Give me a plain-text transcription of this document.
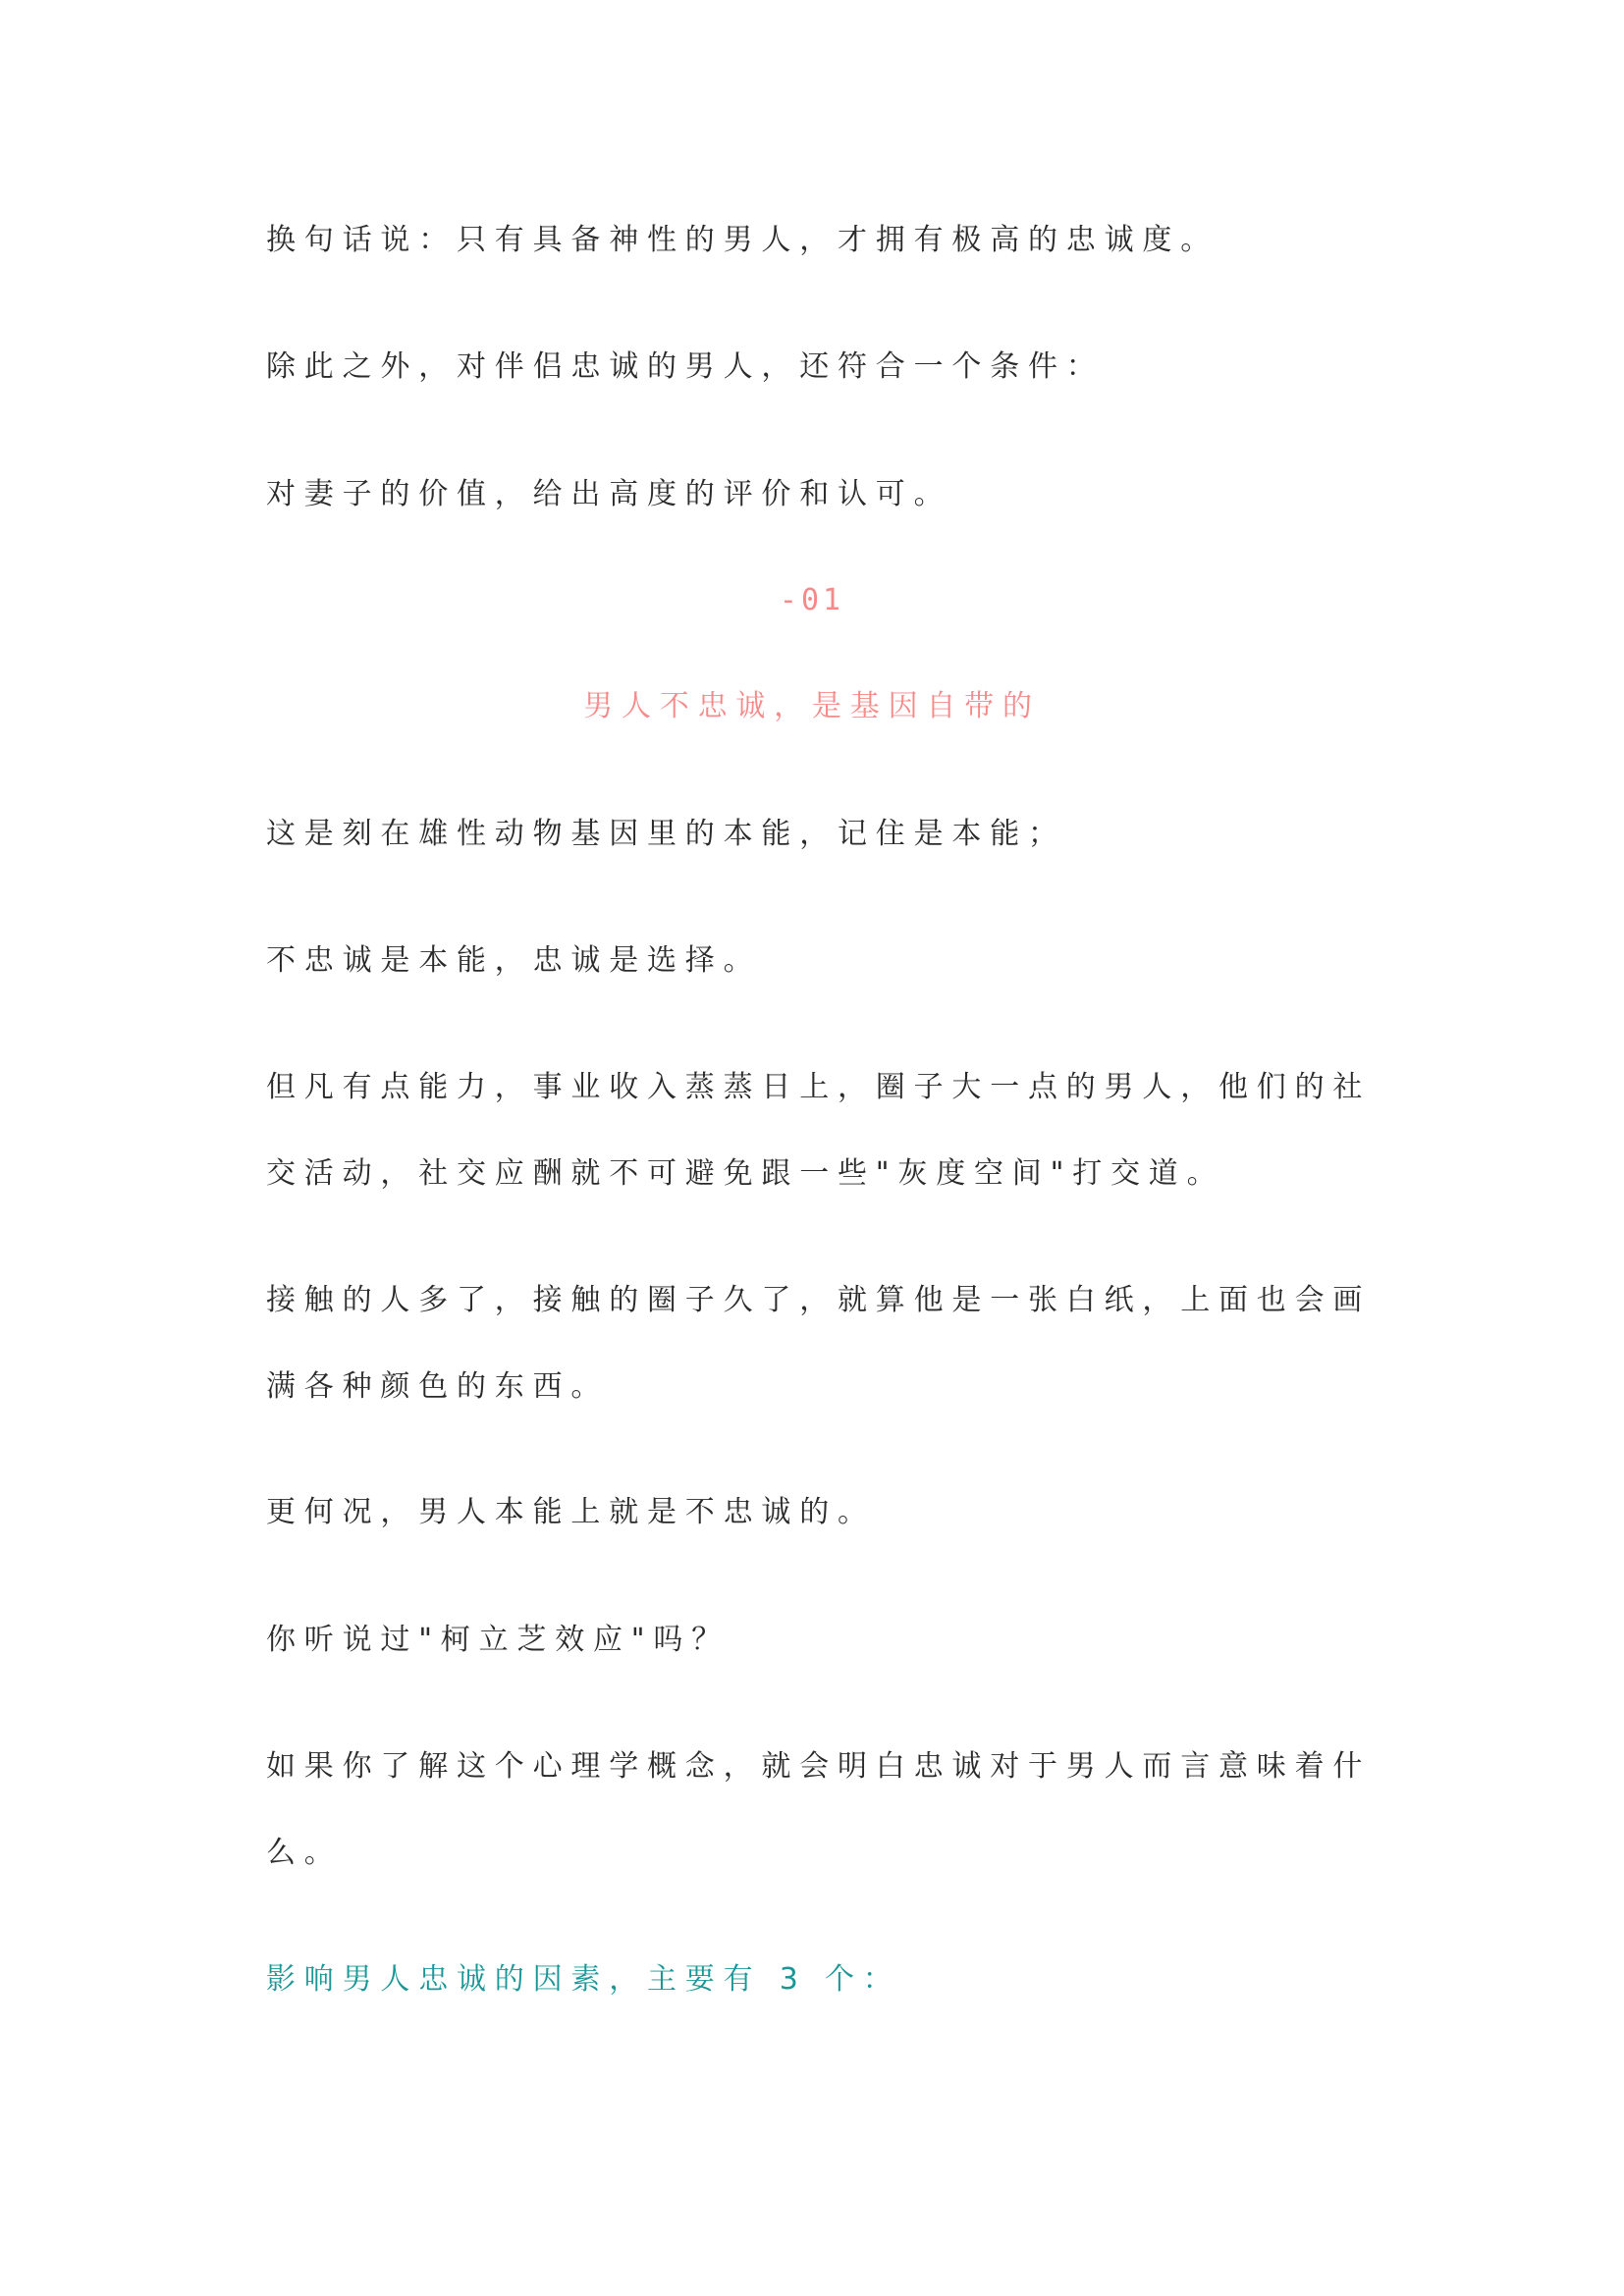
换句话说：只有具备神性的男人，才拥有极高的忠诚度。

除此之外，对伴侣忠诚的男人，还符合一个条件：

对妻子的价值，给出高度的评价和认可。

-01

男人不忠诚，是基因自带的

这是刻在雄性动物基因里的本能，记住是本能；

不忠诚是本能，忠诚是选择。

但凡有点能力，事业收入蒸蒸日上，圈子大一点的男人，他们的社交活动，社交应酬就不可避免跟一些"灰度空间"打交道。

接触的人多了，接触的圈子久了，就算他是一张白纸，上面也会画满各种颜色的东西。

更何况，男人本能上就是不忠诚的。

你听说过"柯立芝效应"吗？

如果你了解这个心理学概念，就会明白忠诚对于男人而言意味着什么。

影响男人忠诚的因素，主要有 3 个：
